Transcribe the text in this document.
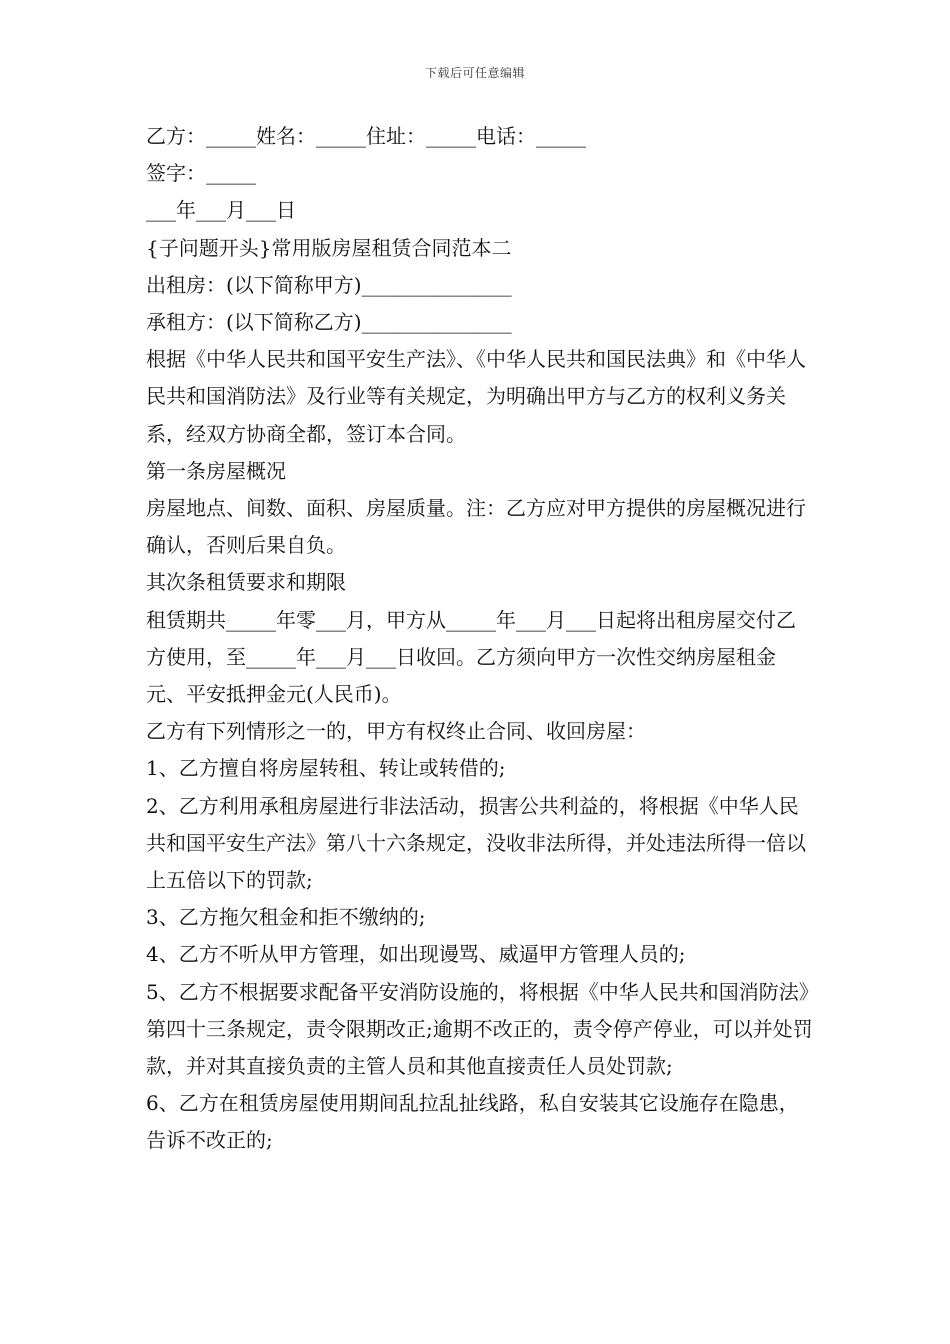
下载后可任意编辑

乙方：_____姓名：_____住址：_____电话：_____

签字：_____

___年___月___日

{子问题开头}常用版房屋租赁合同范本二

出租房：(以下简称甲方)_______________

承租方：(以下简称乙方)_______________

根据《中华人民共和国平安生产法》、《中华人民共和国民法典》和《中华人民共和国消防法》及行业等有关规定，为明确出甲方与乙方的权利义务关系，经双方协商全都，签订本合同。

第一条房屋概况

房屋地点、间数、面积、房屋质量。注：乙方应对甲方提供的房屋概况进行确认，否则后果自负。

其次条租赁要求和期限

租赁期共_____年零___月，甲方从_____年___月___日起将出租房屋交付乙方使用，至_____年___月___日收回。乙方须向甲方一次性交纳房屋租金元、平安抵押金元(人民币)。

乙方有下列情形之一的，甲方有权终止合同、收回房屋：

1、乙方擅自将房屋转租、转让或转借的;

2、乙方利用承租房屋进行非法活动，损害公共利益的，将根据《中华人民共和国平安生产法》第八十六条规定，没收非法所得，并处违法所得一倍以上五倍以下的罚款;

3、乙方拖欠租金和拒不缴纳的;

4、乙方不听从甲方管理，如出现谩骂、威逼甲方管理人员的;

5、乙方不根据要求配备平安消防设施的，将根据《中华人民共和国消防法》第四十三条规定，责令限期改正;逾期不改正的，责令停产停业，可以并处罚款，并对其直接负责的主管人员和其他直接责任人员处罚款;

6、乙方在租赁房屋使用期间乱拉乱扯线路，私自安装其它设施存在隐患，告诉不改正的;
